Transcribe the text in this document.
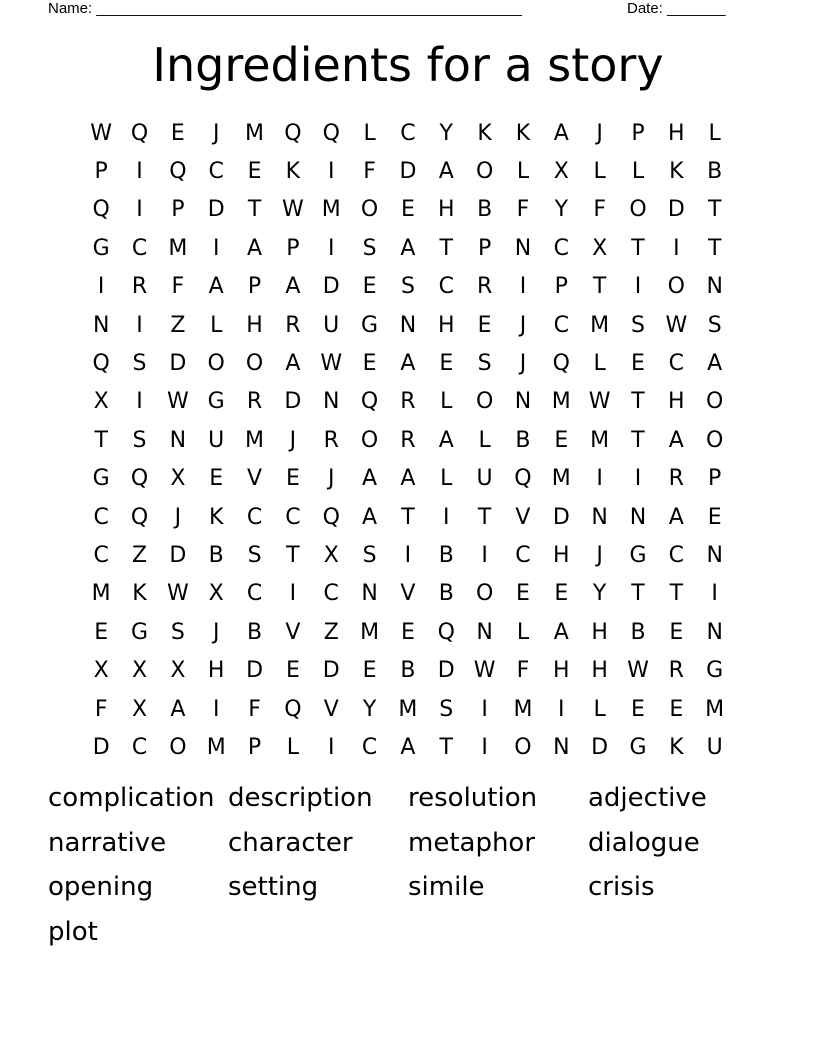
Name: ___________________________________________________	Date: _______
Ingredients for a story
W Q	E	J	M Q Q	L	C	Y	K	K	A	J	P	H	L
P	I	Q	C	E	K	I	F	D	A	O	L	X	L	L	K	B
Q	I	P	D	T W M O	E	H	B	F	Y	F	O D	T
G	C M	I	A	P	I	S	A	T	P	N	C	X	T	I	T
I	R	F	A	P	A	D	E	S	C	R	I	P	T	I	O N
N	I	Z	L	H	R	U G N H	E	J	C M S W S
Q	S	D O O	A W E	A	E	S	J	Q	L	E	C	A
X	I	W G	R	D N Q	R	L	O N M W T	H O
T	S	N	U M	J	R	O	R	A	L	B	E M	T	A	O
G Q	X	E	V	E	J	A	A	L	U Q M	I	I	R	P
C Q	J	K	C	C Q	A	T	I	T	V	D N N	A	E
C	Z	D	B	S	T	X	S	I	B	I	C	H	J	G	C	N
M K W X	C	I	C	N	V	B	O	E	E	Y	T	T	I
E	G	S	J	B	V	Z M E	Q N	L	A	H	B	E	N
X	X	X	H D	E	D	E	B	D W F	H H W R	G
F	X	A	I	F	Q	V	Y	M S	I	M	I	L	E	E M
D	C O M	P	L	I	C	A	T	I	O N D G	K	U
complication description	resolution	adjective
narrative	character	metaphor	dialogue
opening	setting	simile	crisis
plot
